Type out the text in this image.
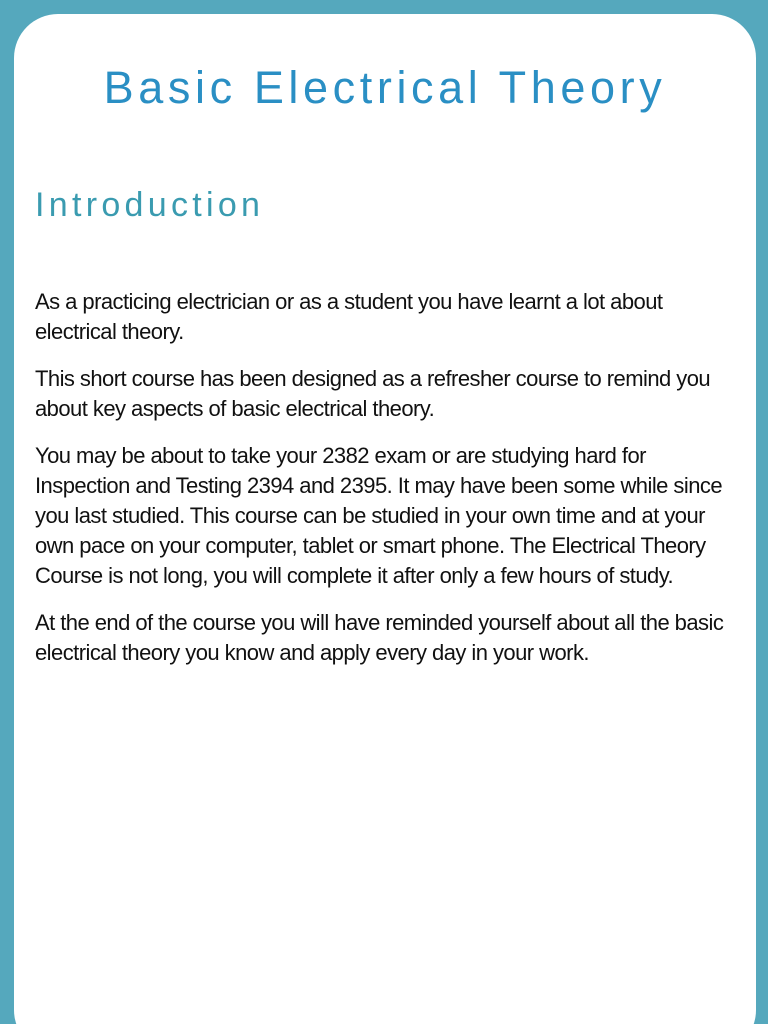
Basic Electrical Theory
Introduction

As a practicing electrician or as a student you have learnt a lot about electrical theory.

This short course has been designed as a refresher course to remind you about key aspects of basic electrical theory.

You may be about to take your 2382 exam or are studying hard for Inspection and Testing 2394 and 2395. It may have been some while since you last studied. This course can be studied in your own time and at your own pace on your computer, tablet or smart phone. The Electrical Theory Course is not long, you will complete it after only a few hours of study.

At the end of the course you will have reminded yourself about all the basic electrical theory you know and apply every day in your work.
